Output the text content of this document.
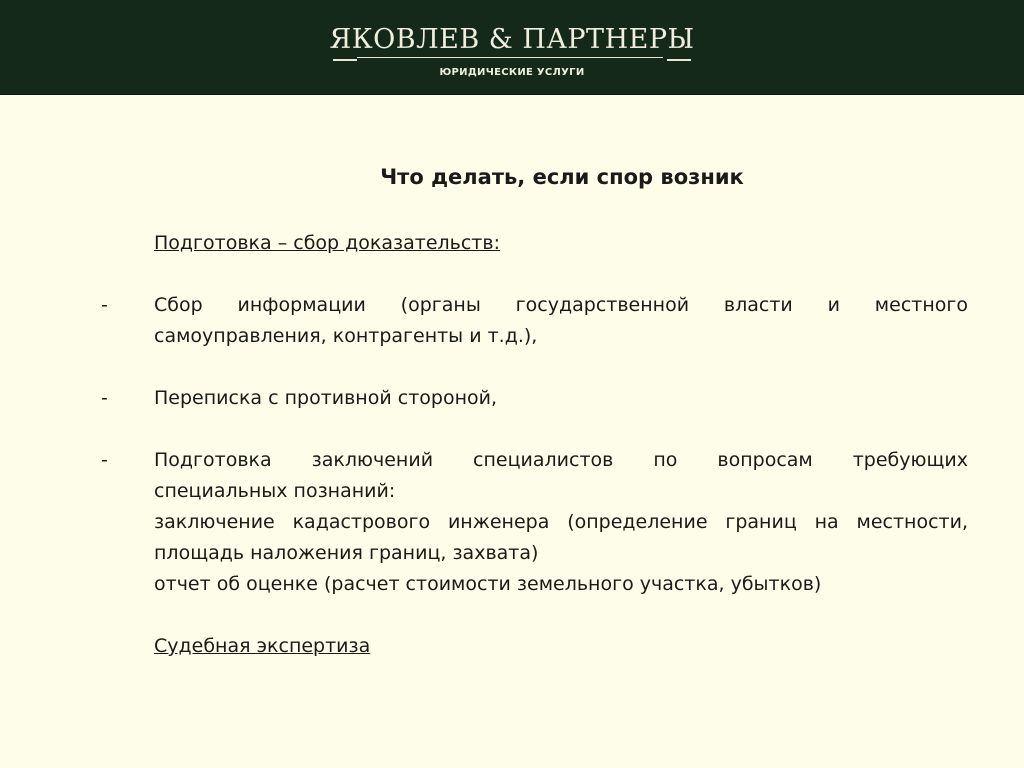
ЯКОВЛЕВ & ПАРТНЕРЫ
ЮРИДИЧЕСКИЕ УСЛУГИ
Что делать, если спор возник
-
-
-
Подготовка – сбор доказательств:
Сбор информации (органы государственной власти и местного
самоуправления, контрагенты и т.д.),
Переписка с противной стороной,
Подготовка заключений специалистов по вопросам требующих
специальных познаний:
заключение кадастрового инженера (определение границ на местности,
площадь наложения границ, захвата)
отчет об оценке (расчет стоимости земельного участка, убытков)
Судебная экспертиза
